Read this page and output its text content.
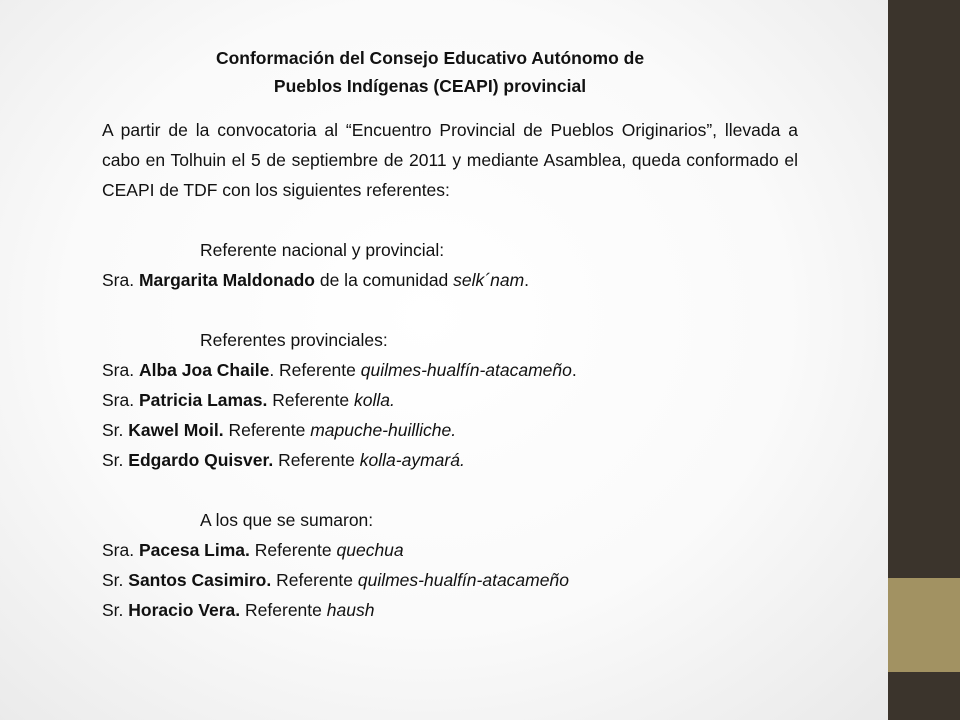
Conformación del Consejo Educativo Autónomo de
Pueblos Indígenas (CEAPI) provincial

A partir de la convocatoria al “Encuentro Provincial de Pueblos Originarios”, llevada a cabo en Tolhuin el 5 de septiembre de 2011 y mediante Asamblea, queda conformado el CEAPI de TDF con los siguientes referentes:

Referente nacional y provincial:
Sra. Margarita Maldonado de la comunidad selk´nam.
Referentes provinciales:
Sra. Alba Joa Chaile. Referente quilmes-hualfín-atacameño.
Sra. Patricia Lamas. Referente kolla.
Sr. Kawel Moil. Referente mapuche-huilliche.
Sr. Edgardo Quisver. Referente kolla-aymará.
A los que se sumaron:
Sra. Pacesa Lima. Referente quechua
Sr. Santos Casimiro. Referente quilmes-hualfín-atacameño
Sr. Horacio Vera. Referente haush
